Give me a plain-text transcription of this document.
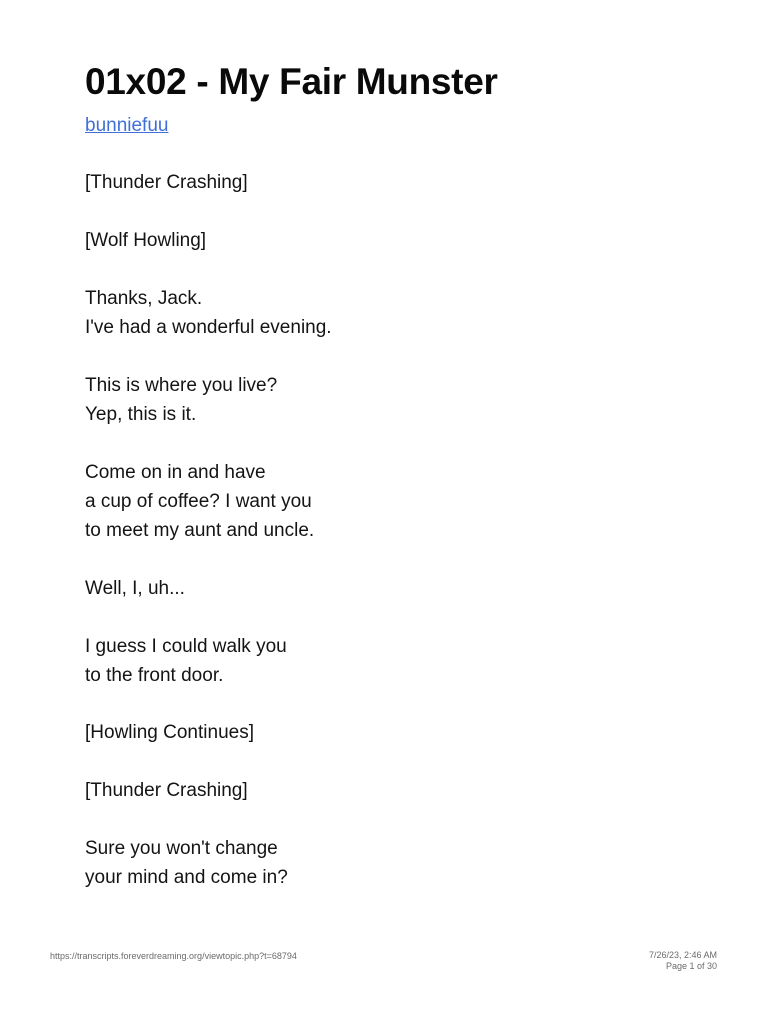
01x02 - My Fair Munster
bunniefuu
[Thunder Crashing]
[Wolf Howling]
Thanks, Jack.
I've had a wonderful evening.
This is where you live?
Yep, this is it.
Come on in and have
a cup of coffee? I want you
to meet my aunt and uncle.
Well, I, uh...
I guess I could walk you
to the front door.
[Howling Continues]
[Thunder Crashing]
Sure you won't change
your mind and come in?
https://transcripts.foreverdreaming.org/viewtopic.php?t=68794	7/26/23, 2:46 AM
Page 1 of 30
